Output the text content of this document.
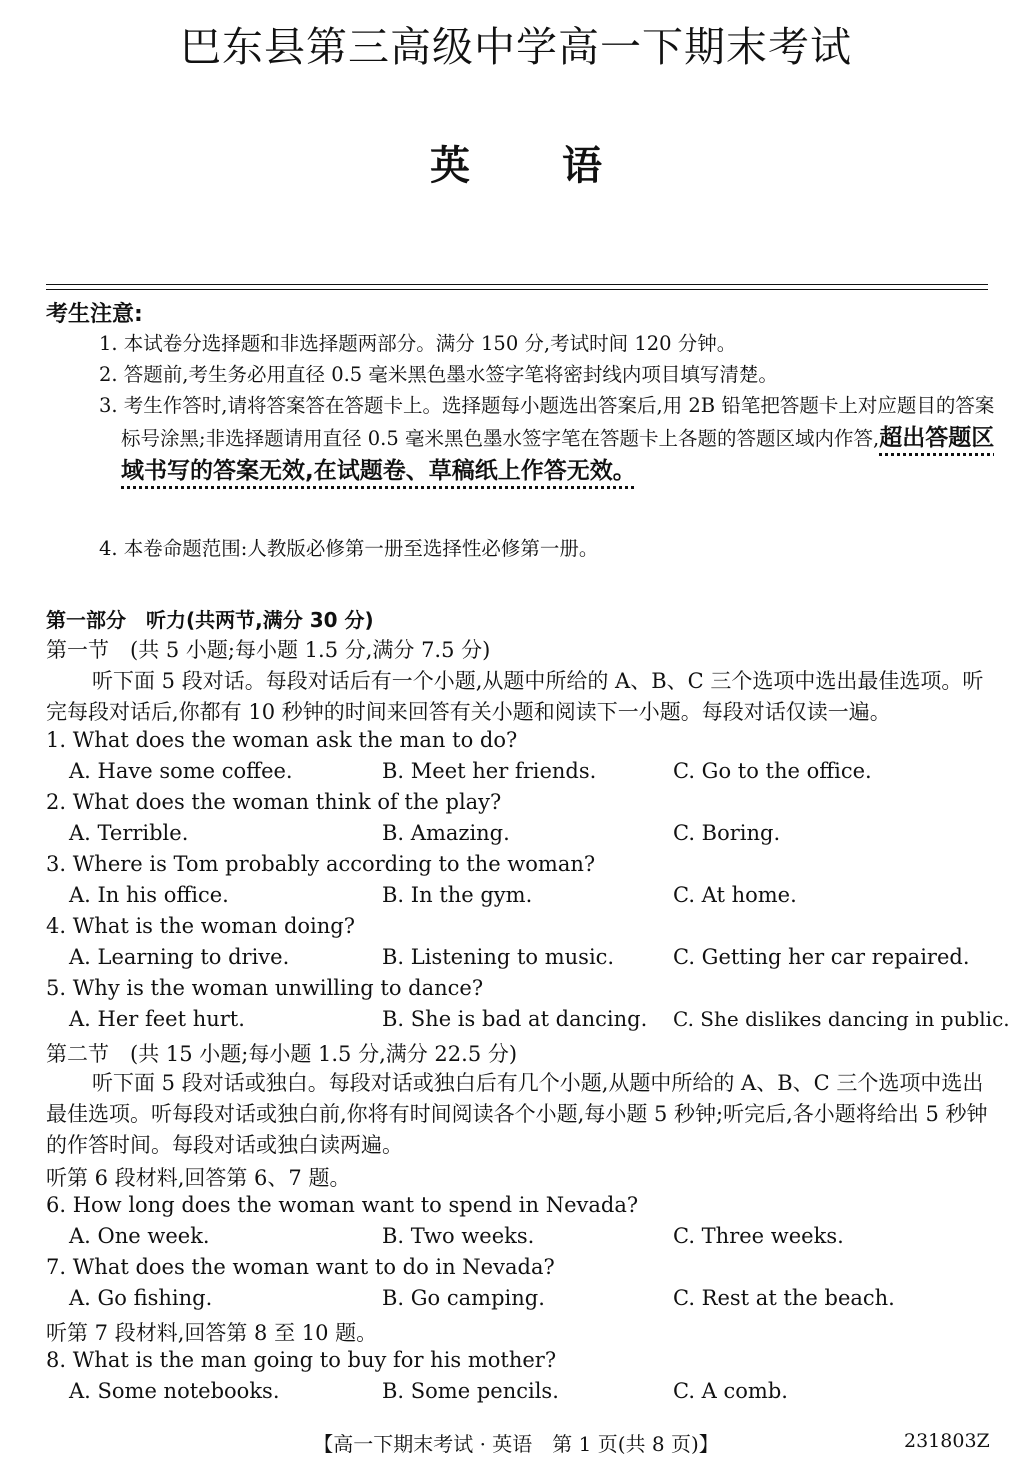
巴东县第三高级中学高一下期末考试
英 语
考生注意:
1. 本试卷分选择题和非选择题两部分。满分 150 分,考试时间 120 分钟。
2. 答题前,考生务必用直径 0.5 毫米黑色墨水签字笔将密封线内项目填写清楚。
3. 考生作答时,请将答案答在答题卡上。选择题每小题选出答案后,用 2B 铅笔把答题卡上对应题目的答案标号涂黑;非选择题请用直径 0.5 毫米黑色墨水签字笔在答题卡上各题的答题区域内作答,超出答题区域书写的答案无效,在试题卷、草稿纸上作答无效。
4. 本卷命题范围:人教版必修第一册至选择性必修第一册。
第一部分　听力(共两节,满分 30 分)
第一节　(共 5 小题;每小题 1.5 分,满分 7.5 分)
听下面 5 段对话。每段对话后有一个小题,从题中所给的 A、B、C 三个选项中选出最佳选项。听完每段对话后,你都有 10 秒钟的时间来回答有关小题和阅读下一小题。每段对话仅读一遍。
1. What does the woman ask the man to do?
A. Have some coffee.	B. Meet her friends.	C. Go to the office.
2. What does the woman think of the play?
A. Terrible.	B. Amazing.	C. Boring.
3. Where is Tom probably according to the woman?
A. In his office.	B. In the gym.	C. At home.
4. What is the woman doing?
A. Learning to drive.	B. Listening to music.	C. Getting her car repaired.
5. Why is the woman unwilling to dance?
A. Her feet hurt.	B. She is bad at dancing. C. She dislikes dancing in public.
第二节　(共 15 小题;每小题 1.5 分,满分 22.5 分)
听下面 5 段对话或独白。每段对话或独白后有几个小题,从题中所给的 A、B、C 三个选项中选出最佳选项。听每段对话或独白前,你将有时间阅读各个小题,每小题 5 秒钟;听完后,各小题将给出 5 秒钟的作答时间。每段对话或独白读两遍。
听第 6 段材料,回答第 6、7 题。
6. How long does the woman want to spend in Nevada?
A. One week.	B. Two weeks.	C. Three weeks.
7. What does the woman want to do in Nevada?
A. Go fishing.	B. Go camping.	C. Rest at the beach.
听第 7 段材料,回答第 8 至 10 题。
8. What is the man going to buy for his mother?
A. Some notebooks.	B. Some pencils.	C. A comb.
【高一下期末考试 · 英语　第 1 页(共 8 页)】	231803Z
